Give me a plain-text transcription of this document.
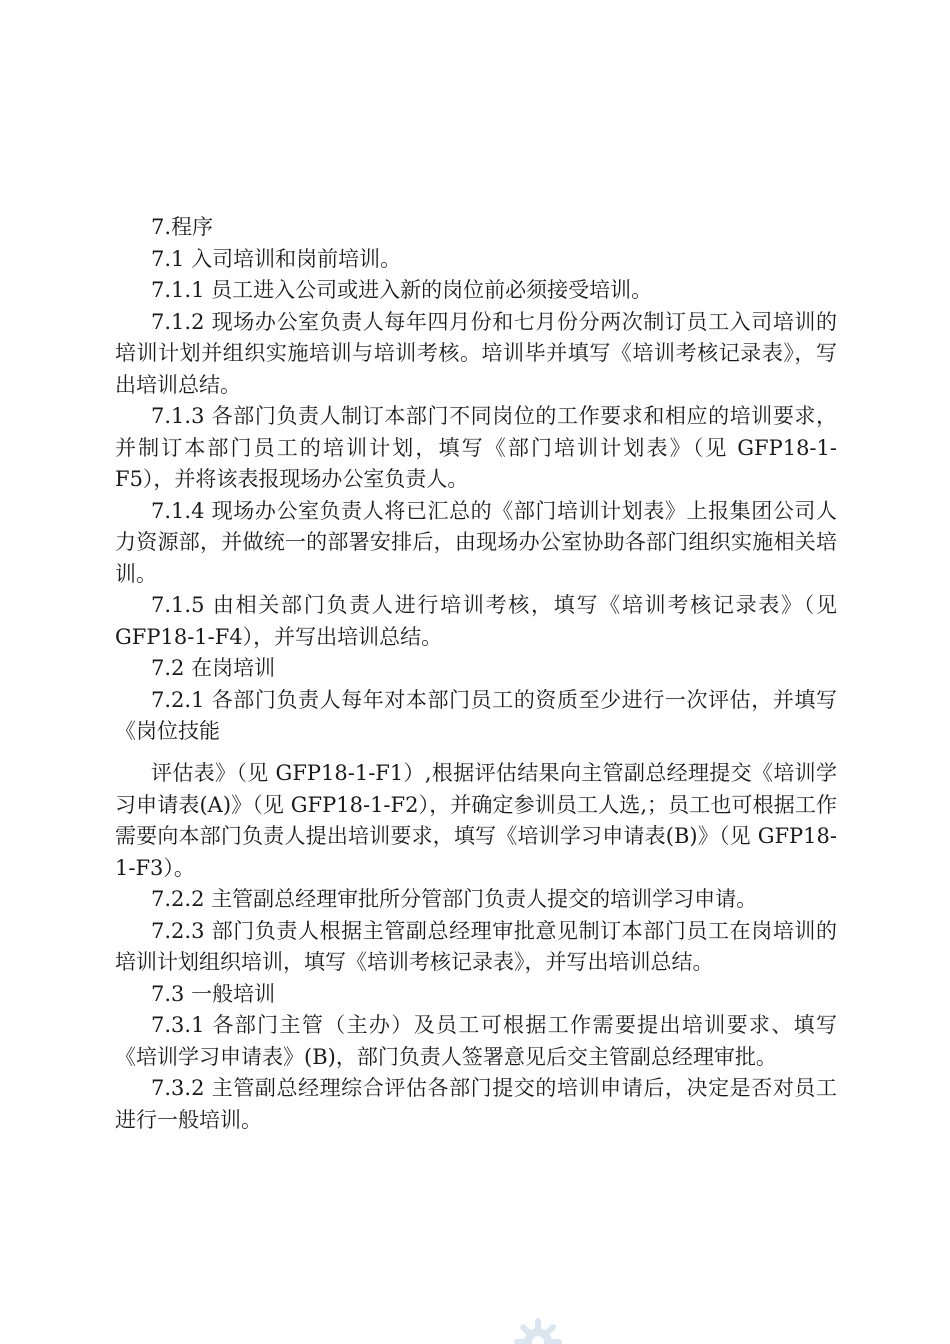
7.程序

7.1 入司培训和岗前培训。

7.1.1 员工进入公司或进入新的岗位前必须接受培训。

7.1.2 现场办公室负责人每年四月份和七月份分两次制订员工入司培训的培训计划并组织实施培训与培训考核。培训毕并填写《培训考核记录表》，写出培训总结。

7.1.3 各部门负责人制订本部门不同岗位的工作要求和相应的培训要求，并制订本部门员工的培训计划，填写《部门培训计划表》（见 GFP18-1-F5），并将该表报现场办公室负责人。

7.1.4 现场办公室负责人将已汇总的《部门培训计划表》上报集团公司人力资源部，并做统一的部署安排后，由现场办公室协助各部门组织实施相关培训。

7.1.5 由相关部门负责人进行培训考核，填写《培训考核记录表》（见 GFP18-1-F4），并写出培训总结。

7.2 在岗培训

7.2.1 各部门负责人每年对本部门员工的资质至少进行一次评估，并填写《岗位技能

评估表》（见 GFP18-1-F1）,根据评估结果向主管副总经理提交《培训学习申请表(A)》（见 GFP18-1-F2），并确定参训员工人选,；员工也可根据工作需要向本部门负责人提出培训要求，填写《培训学习申请表(B)》（见 GFP18-1-F3）。

7.2.2 主管副总经理审批所分管部门负责人提交的培训学习申请。

7.2.3 部门负责人根据主管副总经理审批意见制订本部门员工在岗培训的培训计划组织培训，填写《培训考核记录表》，并写出培训总结。

7.3 一般培训

7.3.1 各部门主管（主办）及员工可根据工作需要提出培训要求、填写《培训学习申请表》(B)，部门负责人签署意见后交主管副总经理审批。

7.3.2 主管副总经理综合评估各部门提交的培训申请后，决定是否对员工进行一般培训。
